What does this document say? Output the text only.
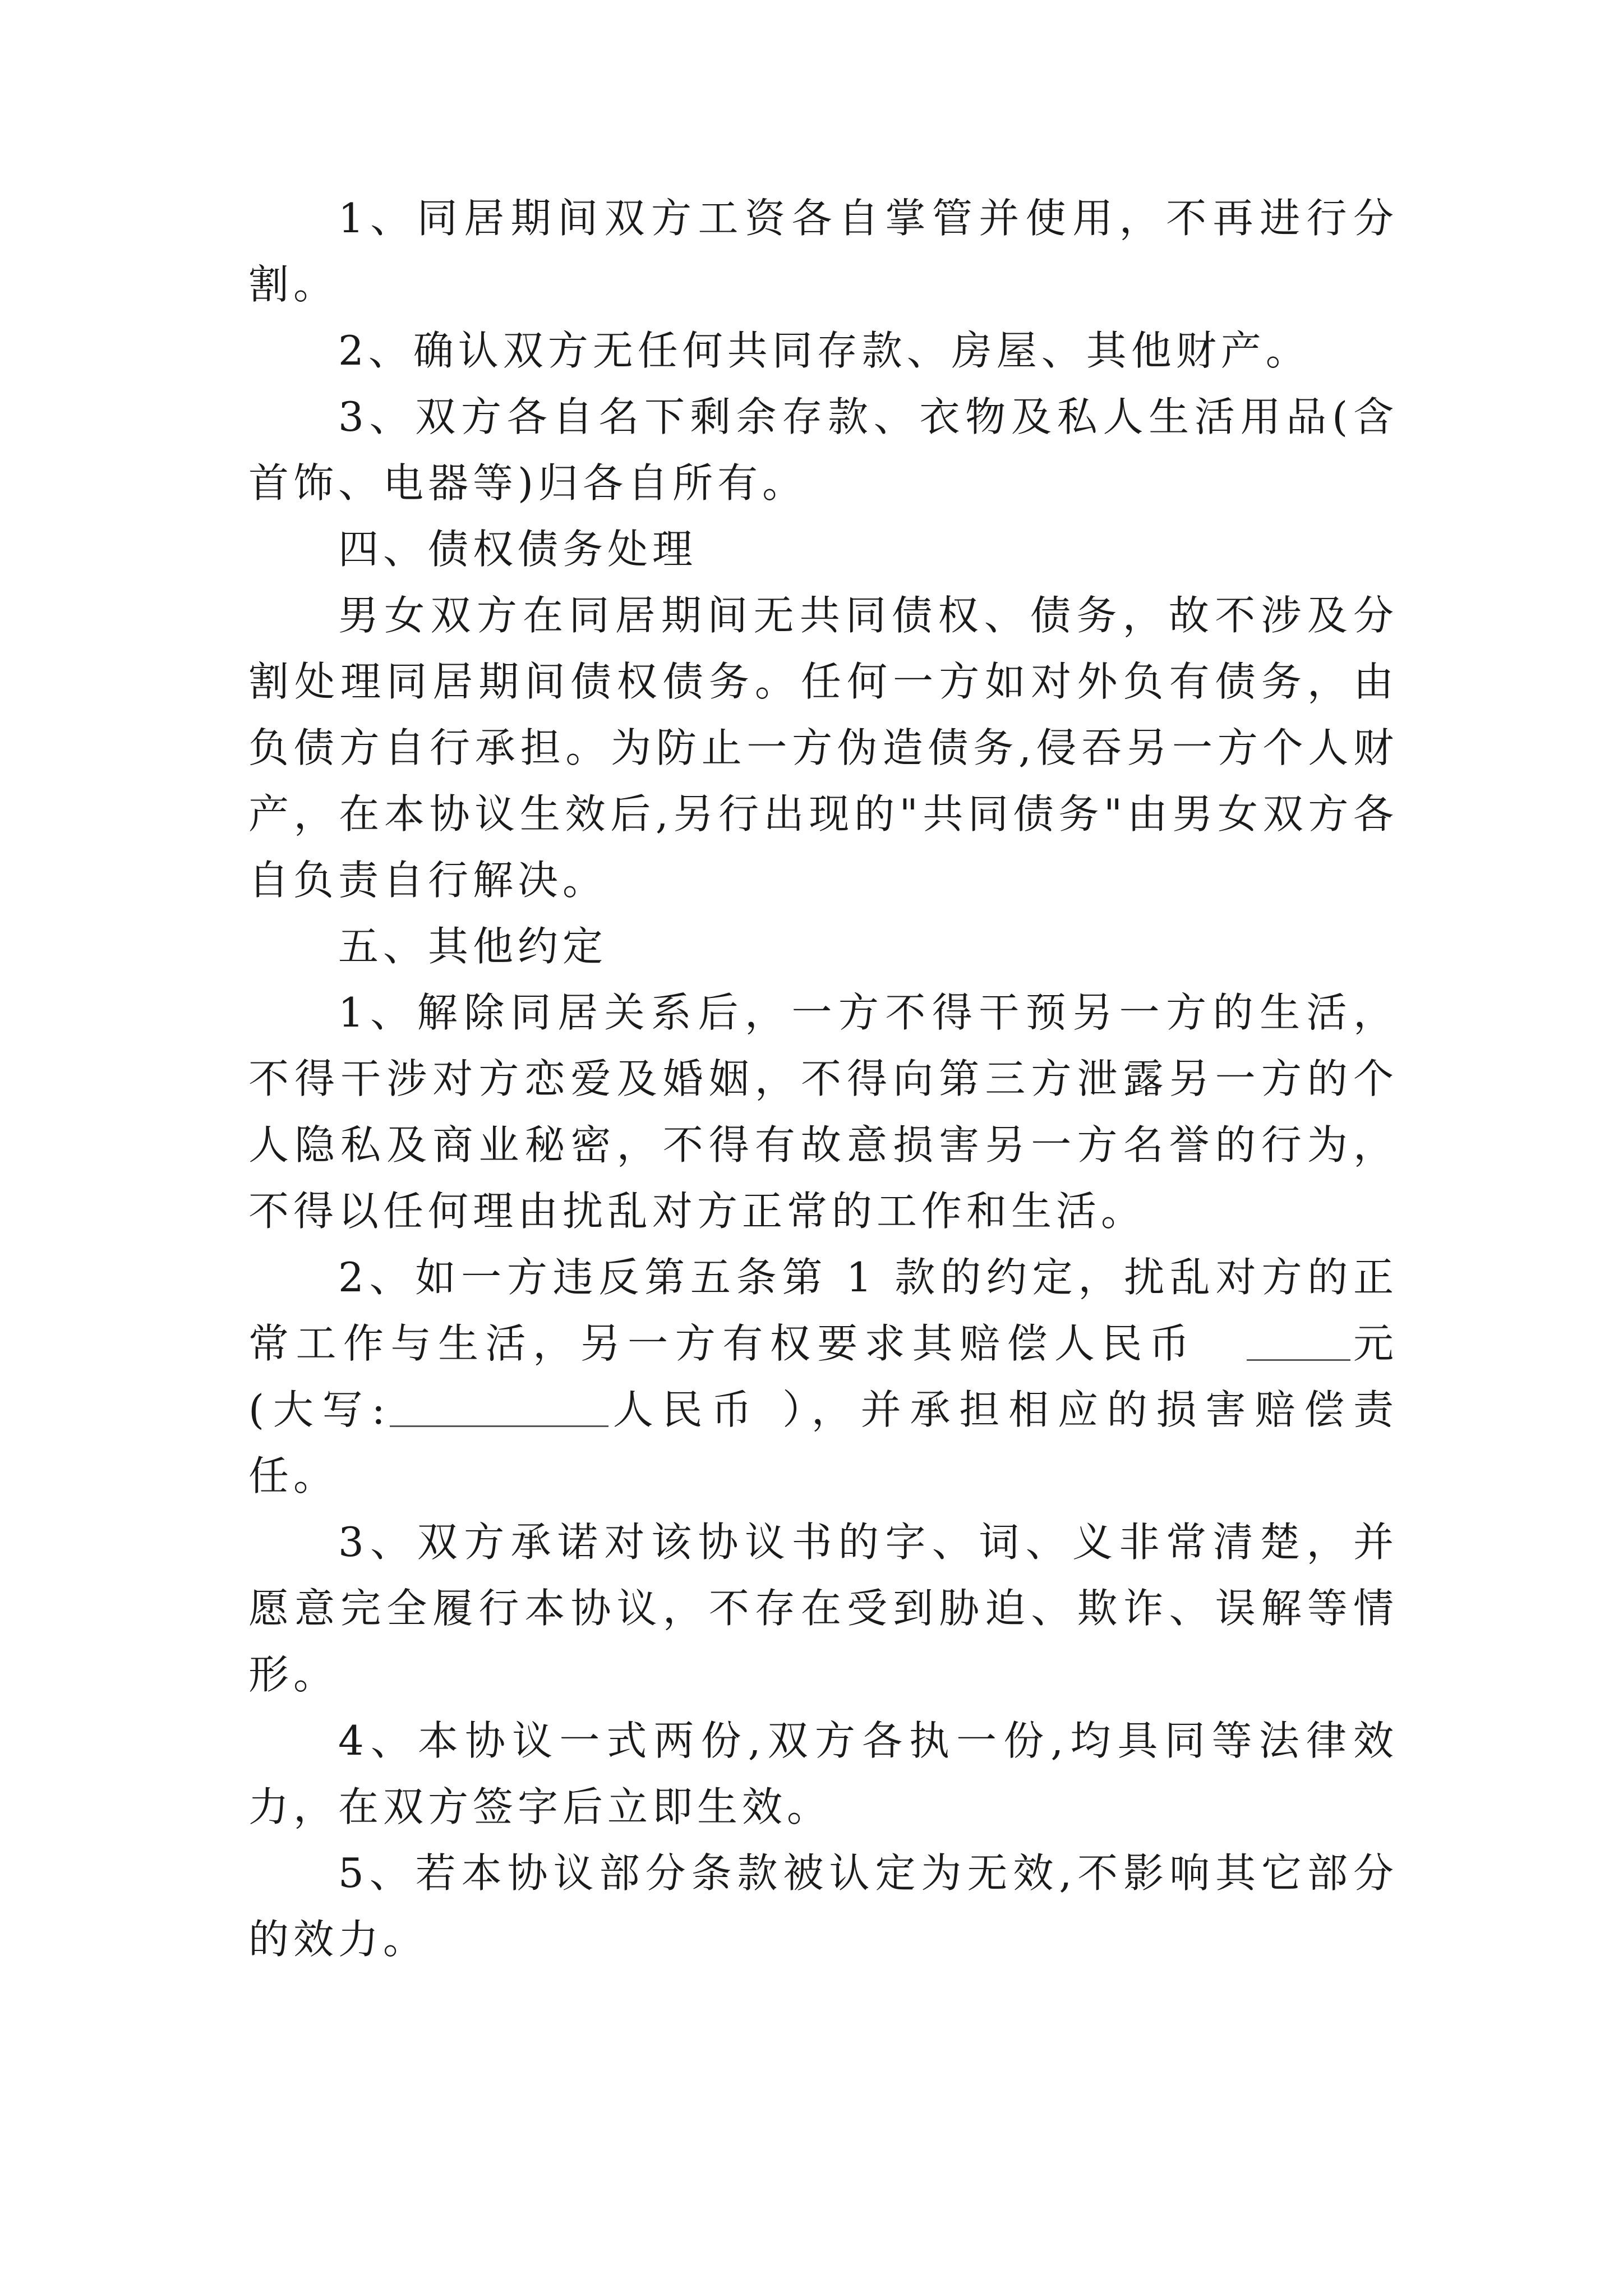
1、同居期间双方工资各自掌管并使用，不再进行分割。

2、确认双方无任何共同存款、房屋、其他财产。

3、双方各自名下剩余存款、衣物及私人生活用品(含首饰、电器等)归各自所有。

四、债权债务处理

男女双方在同居期间无共同债权、债务，故不涉及分割处理同居期间债权债务。任何一方如对外负有债务，由负债方自行承担。为防止一方伪造债务,侵吞另一方个人财产，在本协议生效后,另行出现的"共同债务"由男女双方各自负责自行解决。

五、其他约定

1、解除同居关系后，一方不得干预另一方的生活，不得干涉对方恋爱及婚姻，不得向第三方泄露另一方的个人隐私及商业秘密，不得有故意损害另一方名誉的行为，不得以任何理由扰乱对方正常的工作和生活。

2、如一方违反第五条第 1 款的约定，扰乱对方的正常工作与生活，另一方有权要求其赔偿人民币	元(大写:	人民币 ），并承担相应的损害赔偿责任。

3、双方承诺对该协议书的字、词、义非常清楚，并愿意完全履行本协议，不存在受到胁迫、欺诈、误解等情形。

4、本协议一式两份,双方各执一份,均具同等法律效力，在双方签字后立即生效。

5、若本协议部分条款被认定为无效,不影响其它部分的效力。
